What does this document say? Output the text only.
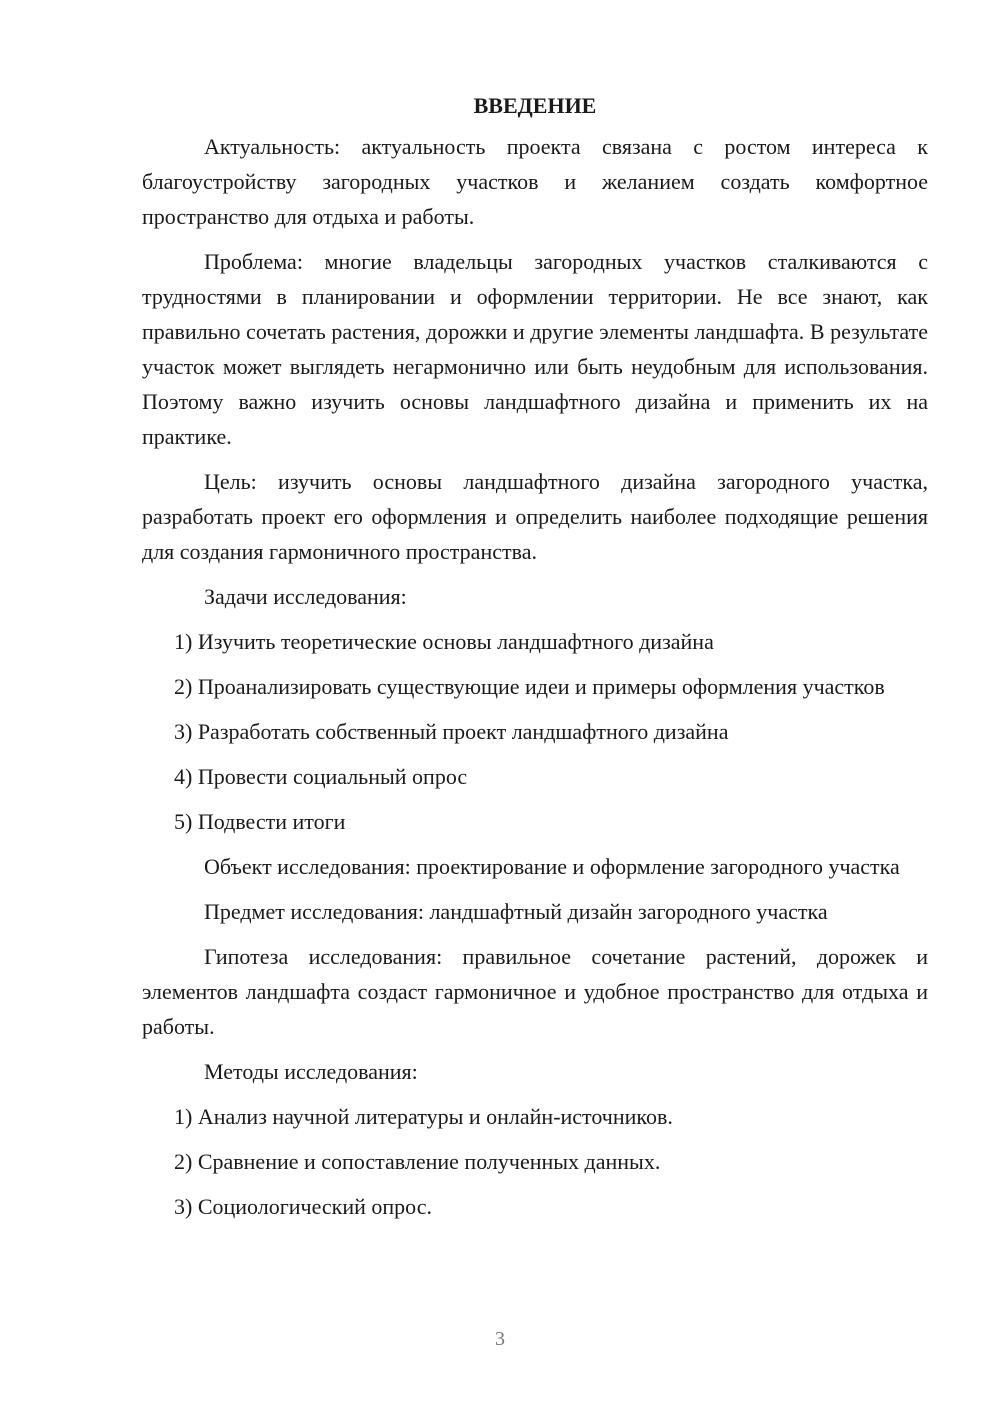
ВВЕДЕНИЕ

Актуальность: актуальность проекта связана с ростом интереса к благоустройству загородных участков и желанием создать комфортное пространство для отдыха и работы.

Проблема: многие владельцы загородных участков сталкиваются с трудностями в планировании и оформлении территории. Не все знают, как правильно сочетать растения, дорожки и другие элементы ландшафта. В результате участок может выглядеть негармонично или быть неудобным для использования. Поэтому важно изучить основы ландшафтного дизайна и применить их на практике.

Цель: изучить основы ландшафтного дизайна загородного участка, разработать проект его оформления и определить наиболее подходящие решения для создания гармоничного пространства.

Задачи исследования:

1) Изучить теоретические основы ландшафтного дизайна

2) Проанализировать существующие идеи и примеры оформления участков

3) Разработать собственный проект ландшафтного дизайна

4) Провести социальный опрос

5) Подвести итоги

Объект исследования: проектирование и оформление загородного участка

Предмет исследования: ландшафтный дизайн загородного участка

Гипотеза исследования: правильное сочетание растений, дорожек и элементов ландшафта создаст гармоничное и удобное пространство для отдыха и работы.

Методы исследования:

1) Анализ научной литературы и онлайн-источников.

2) Сравнение и сопоставление полученных данных.

3) Социологический опрос.

3
